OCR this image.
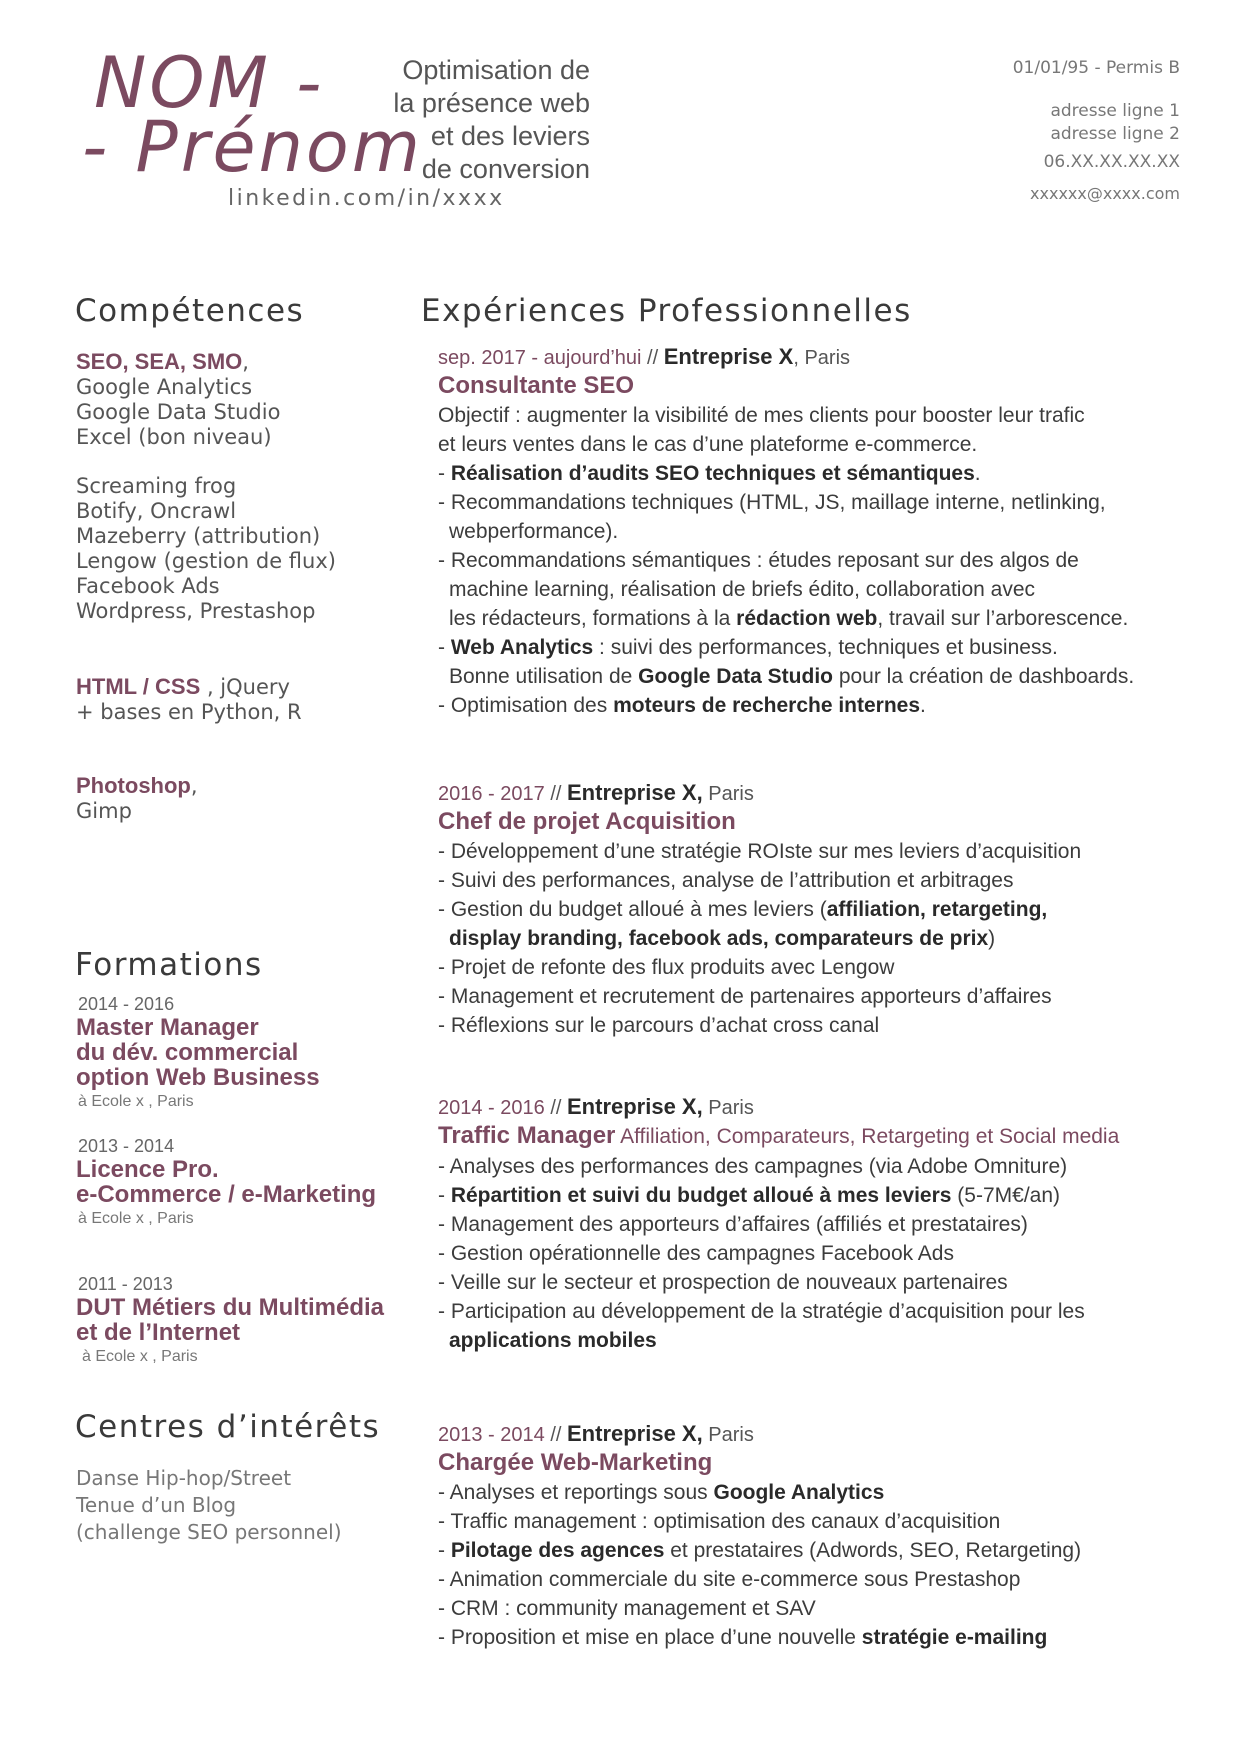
NOM -
- Prénom
linkedin.com/in/xxxx
Optimisation de
la présence web
et des leviers
de conversion
01/01/95 - Permis B
adresse ligne 1
adresse ligne 2
06.XX.XX.XX.XX
xxxxxx@xxxx.com
Compétences
SEO, SEA, SMO,
Google Analytics
Google Data Studio
Excel (bon niveau)
Screaming frog
Botify, Oncrawl
Mazeberry (attribution)
Lengow (gestion de flux)
Facebook Ads
Wordpress, Prestashop
HTML / CSS , jQuery
+ bases en Python, R
Photoshop,
Gimp
Formations
2014 - 2016
Master Manager
du dév. commercial
option Web Business
à Ecole x , Paris
2013 - 2014
Licence Pro.
e-Commerce / e-Marketing
à Ecole x , Paris
2011 - 2013
DUT Métiers du Multimédia
et de l’Internet
à Ecole x , Paris
Centres d’intérêts
Danse Hip-hop/Street
Tenue d’un Blog
(challenge SEO personnel)
Expériences Professionnelles
sep. 2017 - aujourd’hui // Entreprise X, Paris
Consultante SEO
Objectif : augmenter la visibilité de mes clients pour booster leur trafic
et leurs ventes dans le cas d’une plateforme e-commerce.
- Réalisation d’audits SEO techniques et sémantiques.
- Recommandations techniques (HTML, JS, maillage interne, netlinking,
webperformance).
- Recommandations sémantiques : études reposant sur des algos de
machine learning, réalisation de briefs édito, collaboration avec
les rédacteurs, formations à la rédaction web, travail sur l’arborescence.
- Web Analytics : suivi des performances, techniques et business.
Bonne utilisation de Google Data Studio pour la création de dashboards.
- Optimisation des moteurs de recherche internes.
2016 - 2017 // Entreprise X, Paris
Chef de projet Acquisition
- Développement d’une stratégie ROIste sur mes leviers d’acquisition
- Suivi des performances, analyse de l’attribution et arbitrages
- Gestion du budget alloué à mes leviers (affiliation, retargeting,
display branding, facebook ads, comparateurs de prix)
- Projet de refonte des flux produits avec Lengow
- Management et recrutement de partenaires apporteurs d’affaires
- Réflexions sur le parcours d’achat cross canal
2014 - 2016 // Entreprise X, Paris
Traffic Manager Affiliation, Comparateurs, Retargeting et Social media
- Analyses des performances des campagnes (via Adobe Omniture)
- Répartition et suivi du budget alloué à mes leviers (5-7M€/an)
- Management des apporteurs d’affaires (affiliés et prestataires)
- Gestion opérationnelle des campagnes Facebook Ads
- Veille sur le secteur et prospection de nouveaux partenaires
- Participation au développement de la stratégie d’acquisition pour les
applications mobiles
2013 - 2014 // Entreprise X, Paris
Chargée Web-Marketing
- Analyses et reportings sous Google Analytics
- Traffic management : optimisation des canaux d’acquisition
- Pilotage des agences et prestataires (Adwords, SEO, Retargeting)
- Animation commerciale du site e-commerce sous Prestashop
- CRM : community management et SAV
- Proposition et mise en place d’une nouvelle stratégie e-mailing
